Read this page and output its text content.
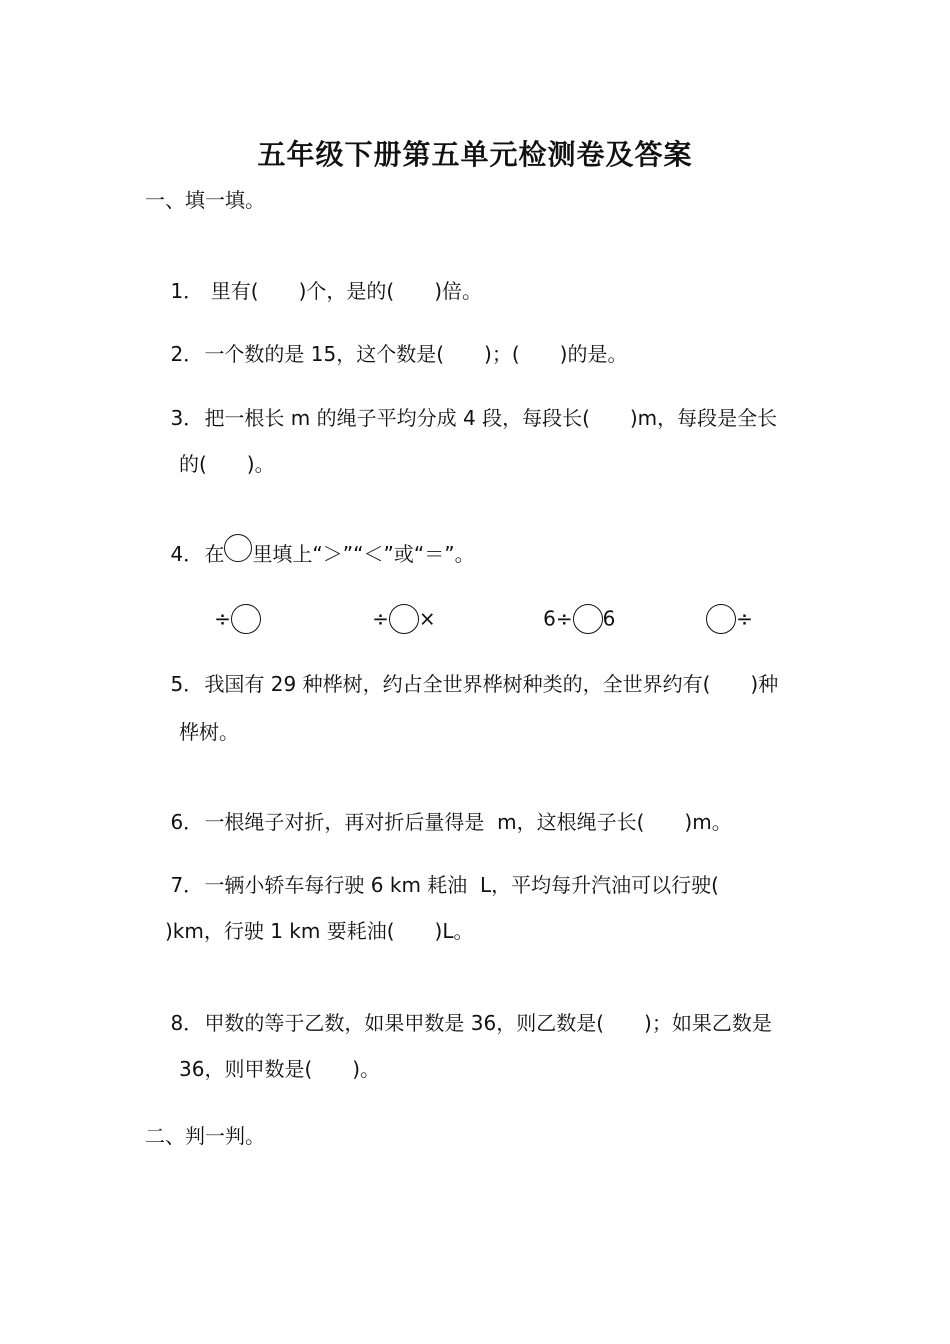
五年级下册第五单元检测卷及答案
一、填一填。

1． 里有(　　)个，是的(　　)倍。

2．一个数的是 15，这个数是(　　)；(　　)的是。

3．把一根长 m 的绳子平均分成 4 段，每段长(　　)m，每段是全长

的(　　)。

4．在 里填上“＞”“＜”或“＝”。

÷
	÷ ×
	6÷ 6
	÷

5．我国有 29 种桦树，约占全世界桦树种类的，全世界约有(　　)种

桦树。

6．一根绳子对折，再对折后量得是  m，这根绳子长(　　)m。

7．一辆小轿车每行驶 6 km 耗油  L，平均每升汽油可以行驶(

)km，行驶 1 km 要耗油(　　)L。

8．甲数的等于乙数，如果甲数是 36，则乙数是(　　)；如果乙数是

36，则甲数是(　　)。
二、判一判。
